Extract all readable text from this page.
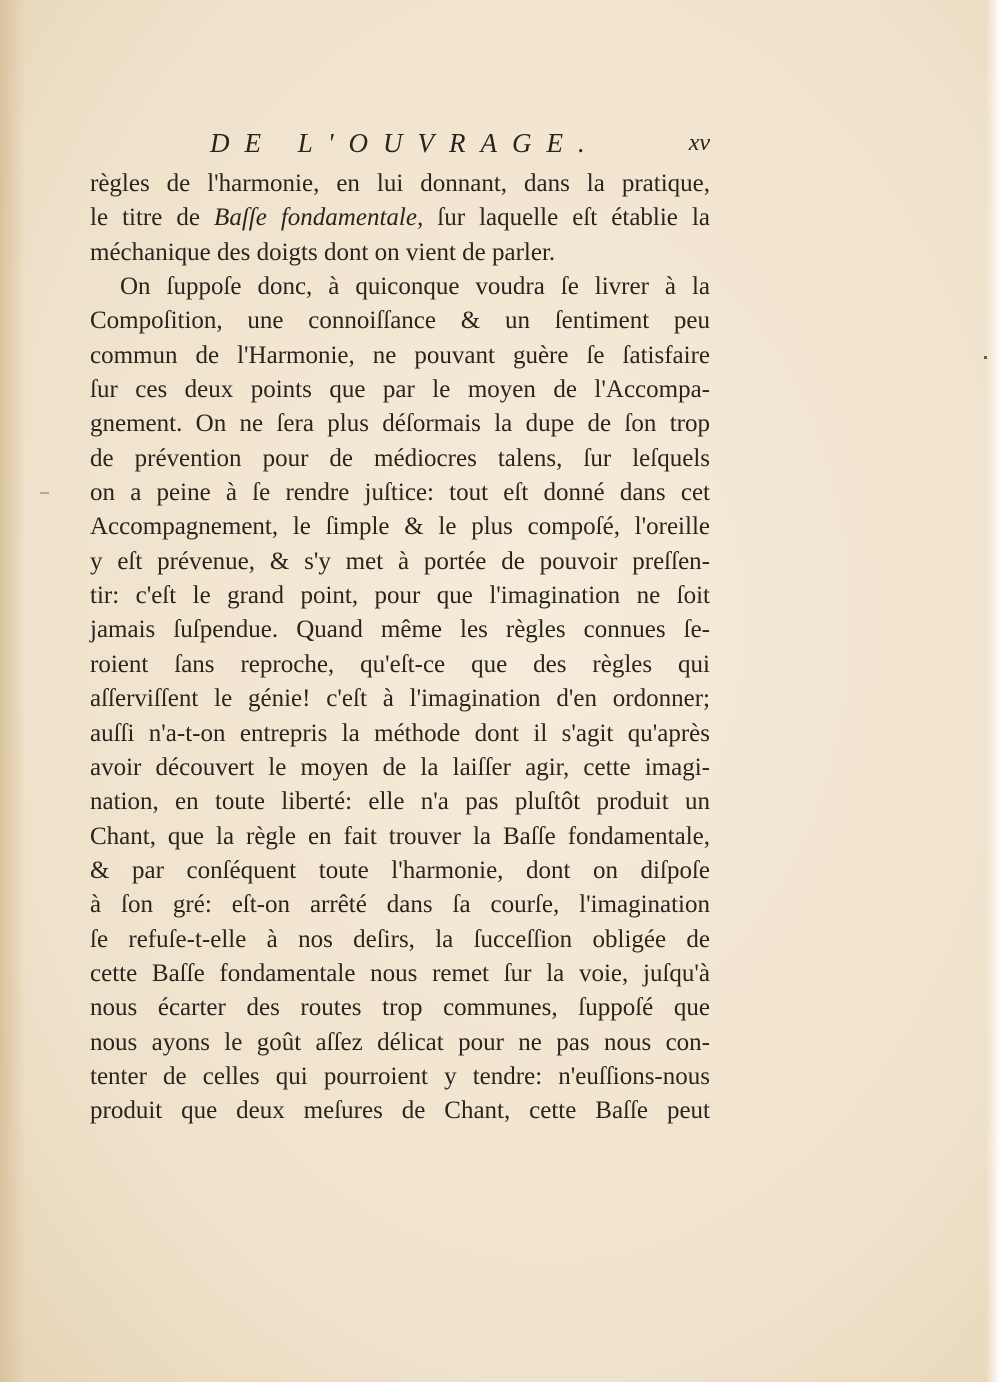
DE L'OUVRAGE.	xv
règles de l'harmonie, en lui donnant, dans la pratique,
le titre de Baſſe fondamentale, ſur laquelle eſt établie la
méchanique des doigts dont on vient de parler.
On ſuppoſe donc, à quiconque voudra ſe livrer à la
Compoſition, une connoiſſance & un ſentiment peu
commun de l'Harmonie, ne pouvant guère ſe ſatisfaire
ſur ces deux points que par le moyen de l'Accompa-
gnement. On ne ſera plus déſormais la dupe de ſon trop
de prévention pour de médiocres talens, ſur leſquels
on a peine à ſe rendre juſtice: tout eſt donné dans cet
Accompagnement, le ſimple & le plus compoſé, l'oreille
y eſt prévenue, & s'y met à portée de pouvoir preſſen-
tir: c'eſt le grand point, pour que l'imagination ne ſoit
jamais ſuſpendue. Quand même les règles connues ſe-
roient ſans reproche, qu'eſt-ce que des règles qui
aſſerviſſent le génie! c'eſt à l'imagination d'en ordonner;
auſſi n'a-t-on entrepris la méthode dont il s'agit qu'après
avoir découvert le moyen de la laiſſer agir, cette imagi-
nation, en toute liberté: elle n'a pas pluſtôt produit un
Chant, que la règle en fait trouver la Baſſe fondamentale,
& par conſéquent toute l'harmonie, dont on diſpoſe
à ſon gré: eſt-on arrêté dans ſa courſe, l'imagination
ſe refuſe-t-elle à nos deſirs, la ſucceſſion obligée de
cette Baſſe fondamentale nous remet ſur la voie, juſqu'à
nous écarter des routes trop communes, ſuppoſé que
nous ayons le goût aſſez délicat pour ne pas nous con-
tenter de celles qui pourroient y tendre: n'euſſions-nous
produit que deux meſures de Chant, cette Baſſe peut
